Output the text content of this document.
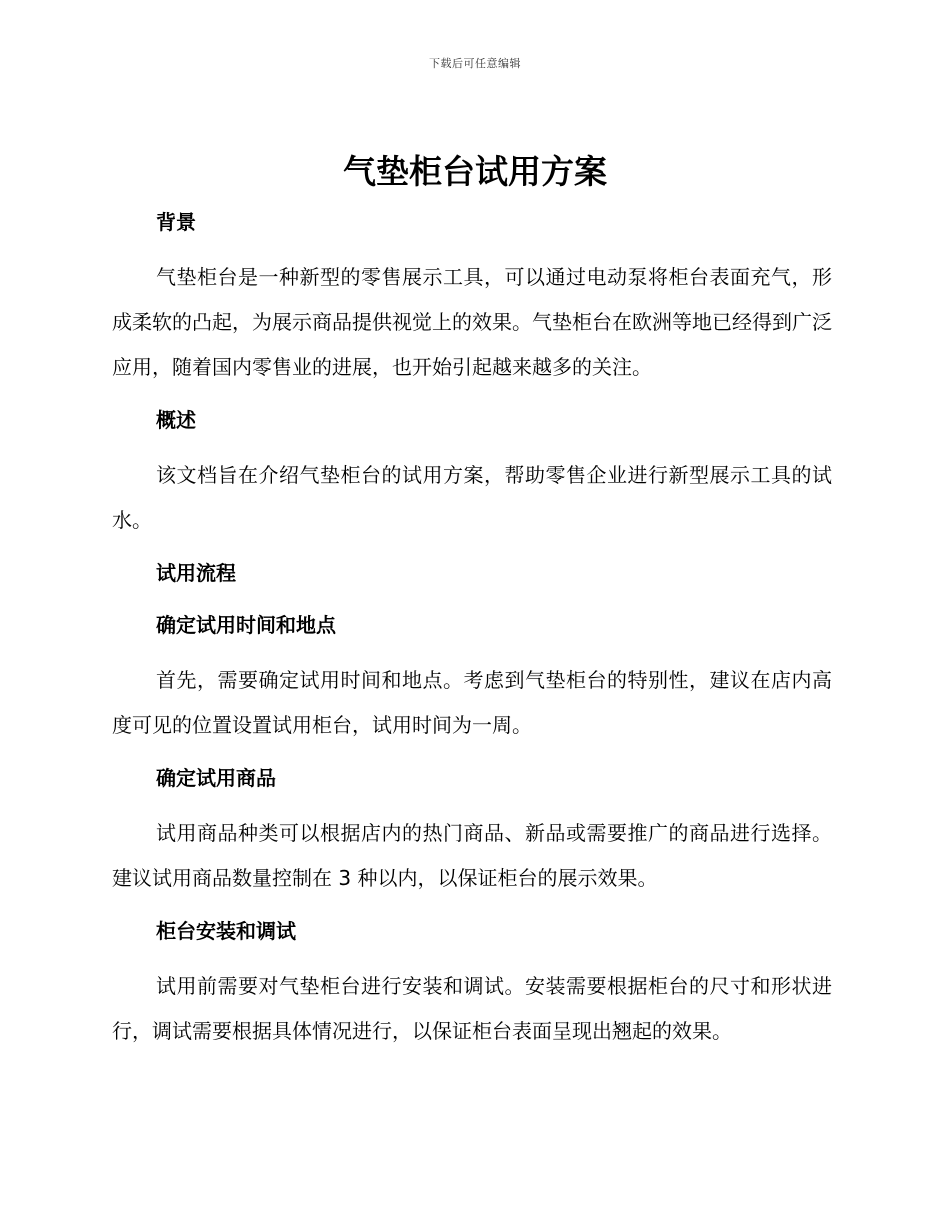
下载后可任意编辑
气垫柜台试用方案
背景

气垫柜台是一种新型的零售展示工具，可以通过电动泵将柜台表面充气，形成柔软的凸起，为展示商品提供视觉上的效果。气垫柜台在欧洲等地已经得到广泛应用，随着国内零售业的进展，也开始引起越来越多的关注。

概述

该文档旨在介绍气垫柜台的试用方案，帮助零售企业进行新型展示工具的试水。

试用流程
确定试用时间和地点

首先，需要确定试用时间和地点。考虑到气垫柜台的特别性，建议在店内高度可见的位置设置试用柜台，试用时间为一周。

确定试用商品

试用商品种类可以根据店内的热门商品、新品或需要推广的商品进行选择。建议试用商品数量控制在 3 种以内，以保证柜台的展示效果。

柜台安装和调试

试用前需要对气垫柜台进行安装和调试。安装需要根据柜台的尺寸和形状进行，调试需要根据具体情况进行，以保证柜台表面呈现出翘起的效果。
